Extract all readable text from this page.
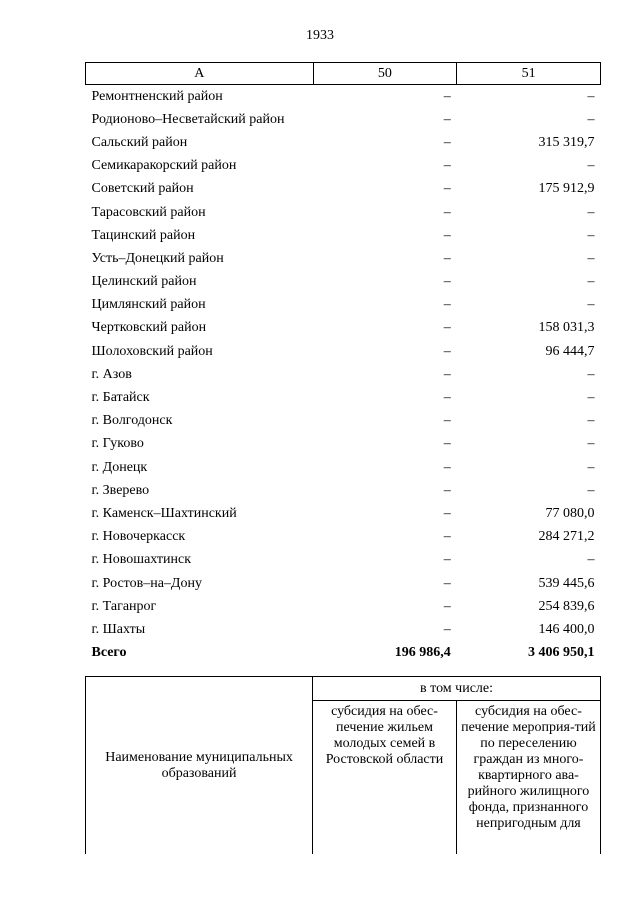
1933
А	50	51
Ремонтненский район	–	–
Родионово–Несветайский район	–	–
Сальский район	–	315 319,7
Семикаракорский район	–	–
Советский район	–	175 912,9
Тарасовский район	–	–
Тацинский район	–	–
Усть–Донецкий район	–	–
Целинский район	–	–
Цимлянский район	–	–
Чертковский район	–	158 031,3
Шолоховский район	–	96 444,7
г. Азов	–	–
г. Батайск	–	–
г. Волгодонск	–	–
г. Гуково	–	–
г. Донецк	–	–
г. Зверево	–	–
г. Каменск–Шахтинский	–	77 080,0
г. Новочеркасск	–	284 271,2
г. Новошахтинск	–	–
г. Ростов–на–Дону	–	539 445,6
г. Таганрог	–	254 839,6
г. Шахты	–	146 400,0
Всего	196 986,4	3 406 950,1
Наименование муниципальных образований	в том числе:	
	субсидия на обес-печение жильем молодых семей в Ростовской области	субсидия на обес-печение мероприя-тий по переселению граждан из много-квартирного ава-рийного жилищного фонда, признанного непригодным для
